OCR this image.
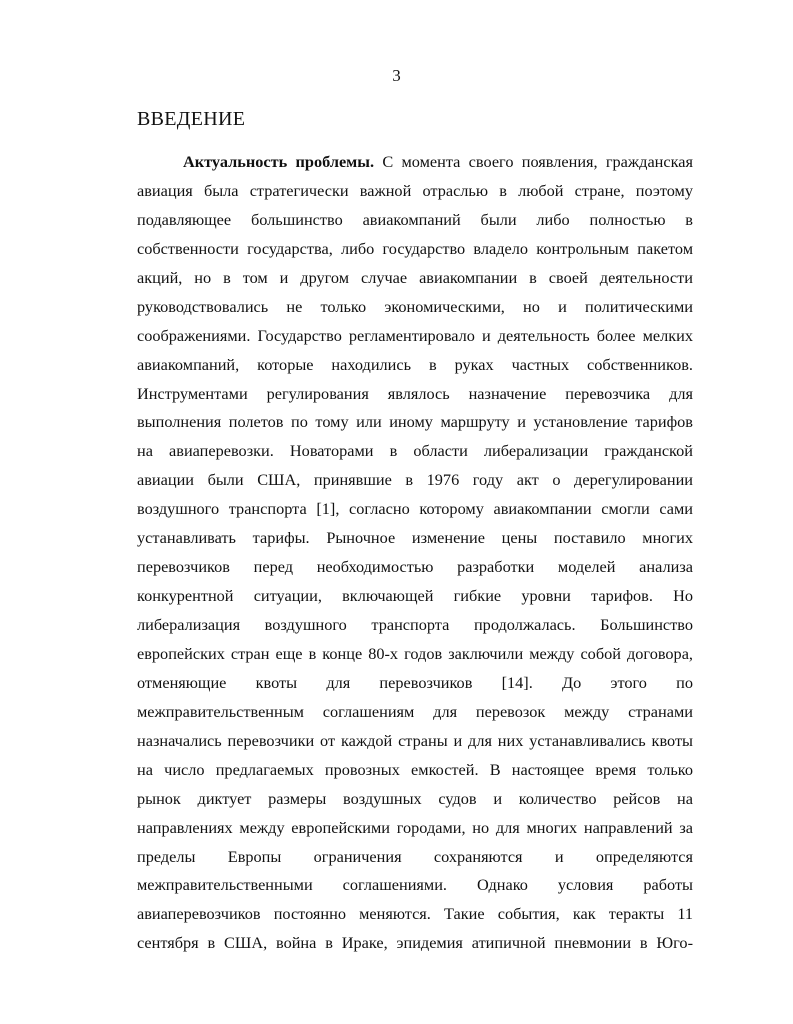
3
ВВЕДЕНИЕ
Актуальность проблемы. С момента своего появления, гражданская
авиация была стратегически важной отраслью в любой стране, поэтому
подавляющее большинство авиакомпаний были либо полностью в
собственности государства, либо государство владело контрольным пакетом
акций, но в том и другом случае авиакомпании в своей деятельности
руководствовались не только экономическими, но и политическими
соображениями. Государство регламентировало и деятельность более мелких
авиакомпаний, которые находились в руках частных собственников.
Инструментами регулирования являлось назначение перевозчика для
выполнения полетов по тому или иному маршруту и установление тарифов
на авиаперевозки. Новаторами в области либерализации гражданской
авиации были США, принявшие в 1976 году акт о дерегулировании
воздушного транспорта [1], согласно которому авиакомпании смогли сами
устанавливать тарифы. Рыночное изменение цены поставило многих
перевозчиков перед необходимостью разработки моделей анализа
конкурентной ситуации, включающей гибкие уровни тарифов. Но
либерализация воздушного транспорта продолжалась. Большинство
европейских стран еще в конце 80-х годов заключили между собой договора,
отменяющие квоты для перевозчиков [14]. До этого по
межправительственным соглашениям для перевозок между странами
назначались перевозчики от каждой страны и для них устанавливались квоты
на число предлагаемых провозных емкостей. В настоящее время только
рынок диктует размеры воздушных судов и количество рейсов на
направлениях между европейскими городами, но для многих направлений за
пределы Европы ограничения сохраняются и определяются
межправительственными соглашениями. Однако условия работы
авиаперевозчиков постоянно меняются. Такие события, как теракты 11
сентября в США, война в Ираке, эпидемия атипичной пневмонии в Юго-
